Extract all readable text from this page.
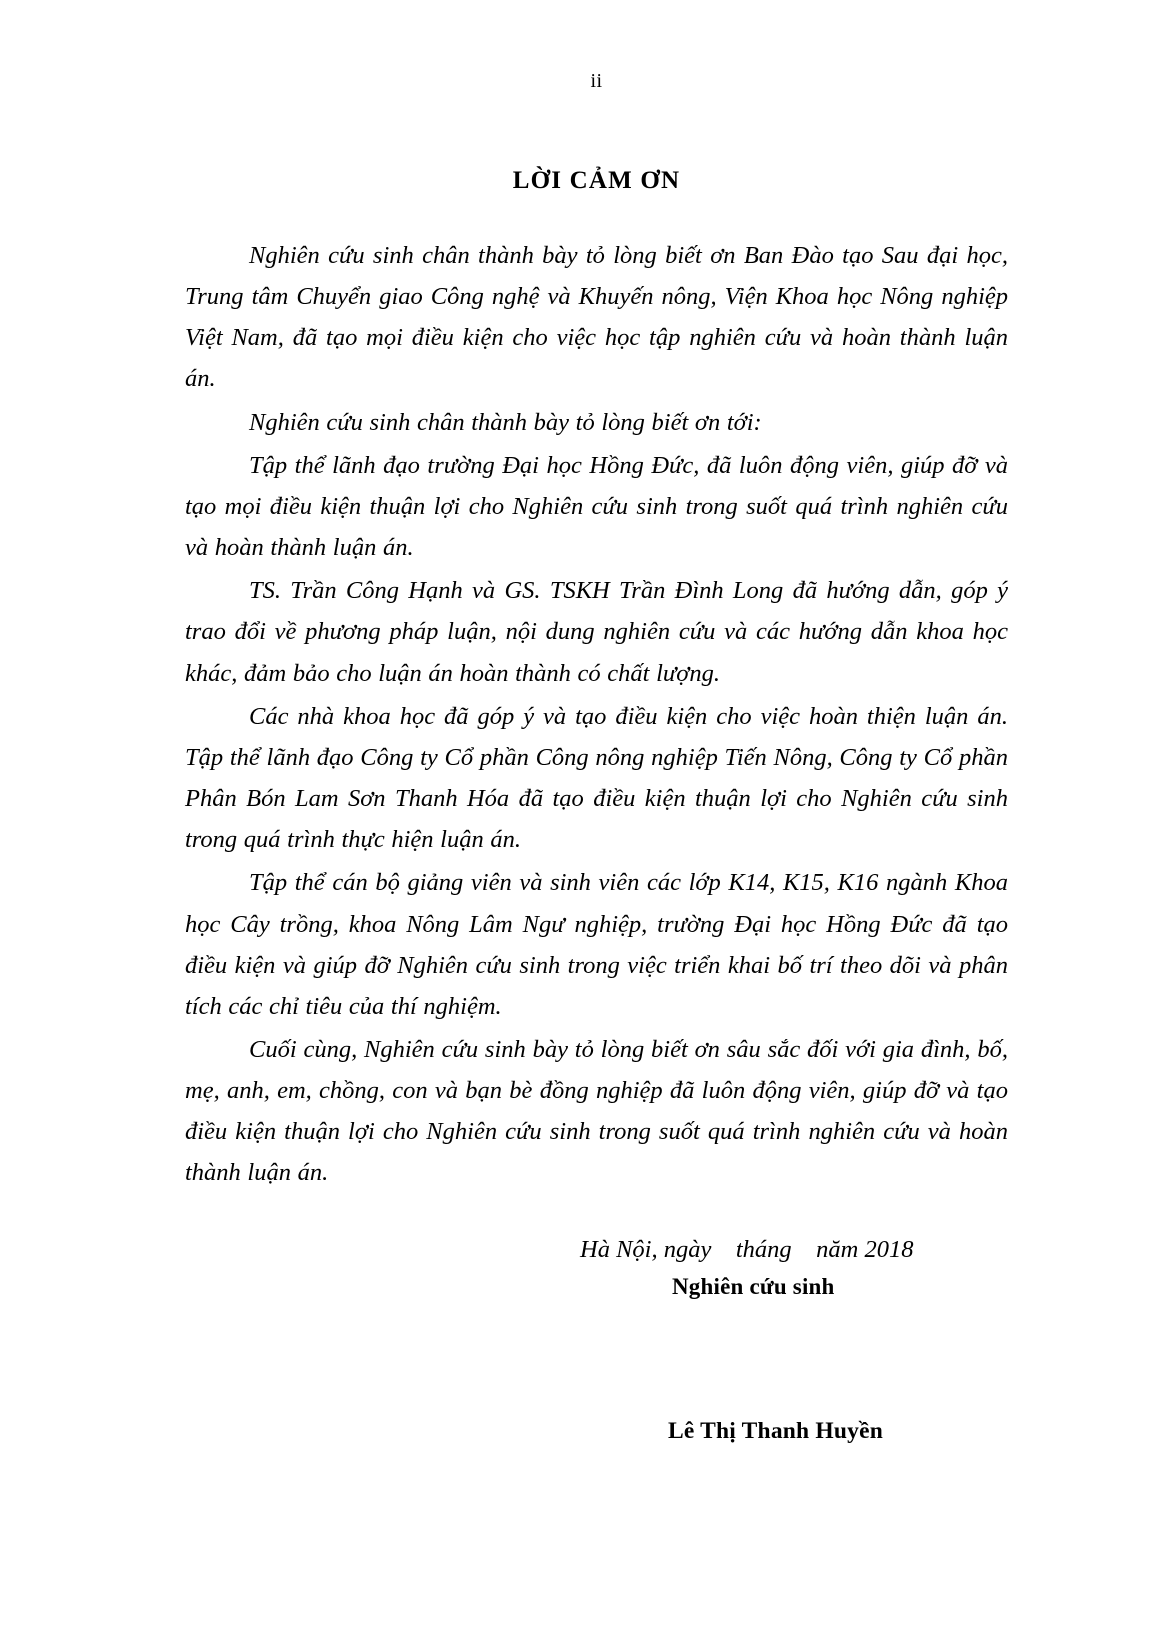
ii
LỜI CẢM ƠN

Nghiên cứu sinh chân thành bày tỏ lòng biết ơn Ban Đào tạo Sau đại học, Trung tâm Chuyển giao Công nghệ và Khuyến nông, Viện Khoa học Nông nghiệp Việt Nam, đã tạo mọi điều kiện cho việc học tập nghiên cứu và hoàn thành luận án.

Nghiên cứu sinh chân thành bày tỏ lòng biết ơn tới:

Tập thể lãnh đạo trường Đại học Hồng Đức, đã luôn động viên, giúp đỡ và tạo mọi điều kiện thuận lợi cho Nghiên cứu sinh trong suốt quá trình nghiên cứu và hoàn thành luận án.

TS. Trần Công Hạnh và GS. TSKH Trần Đình Long đã hướng dẫn, góp ý trao đổi về phương pháp luận, nội dung nghiên cứu và các hướng dẫn khoa học khác, đảm bảo cho luận án hoàn thành có chất lượng.

Các nhà khoa học đã góp ý và tạo điều kiện cho việc hoàn thiện luận án. Tập thể lãnh đạo Công ty Cổ phần Công nông nghiệp Tiến Nông, Công ty Cổ phần Phân Bón Lam Sơn Thanh Hóa đã tạo điều kiện thuận lợi cho Nghiên cứu sinh trong quá trình thực hiện luận án.

Tập thể cán bộ giảng viên và sinh viên các lớp K14, K15, K16 ngành Khoa học Cây trồng, khoa Nông Lâm Ngư nghiệp, trường Đại học Hồng Đức đã tạo điều kiện và giúp đỡ Nghiên cứu sinh trong việc triển khai bố trí theo dõi và phân tích các chỉ tiêu của thí nghiệm.

Cuối cùng, Nghiên cứu sinh bày tỏ lòng biết ơn sâu sắc đối với gia đình, bố, mẹ, anh, em, chồng, con và bạn bè đồng nghiệp đã luôn động viên, giúp đỡ và tạo điều kiện thuận lợi cho Nghiên cứu sinh trong suốt quá trình nghiên cứu và hoàn thành luận án.

Hà Nội, ngày    tháng    năm 2018
Nghiên cứu sinh
Lê Thị Thanh Huyền
